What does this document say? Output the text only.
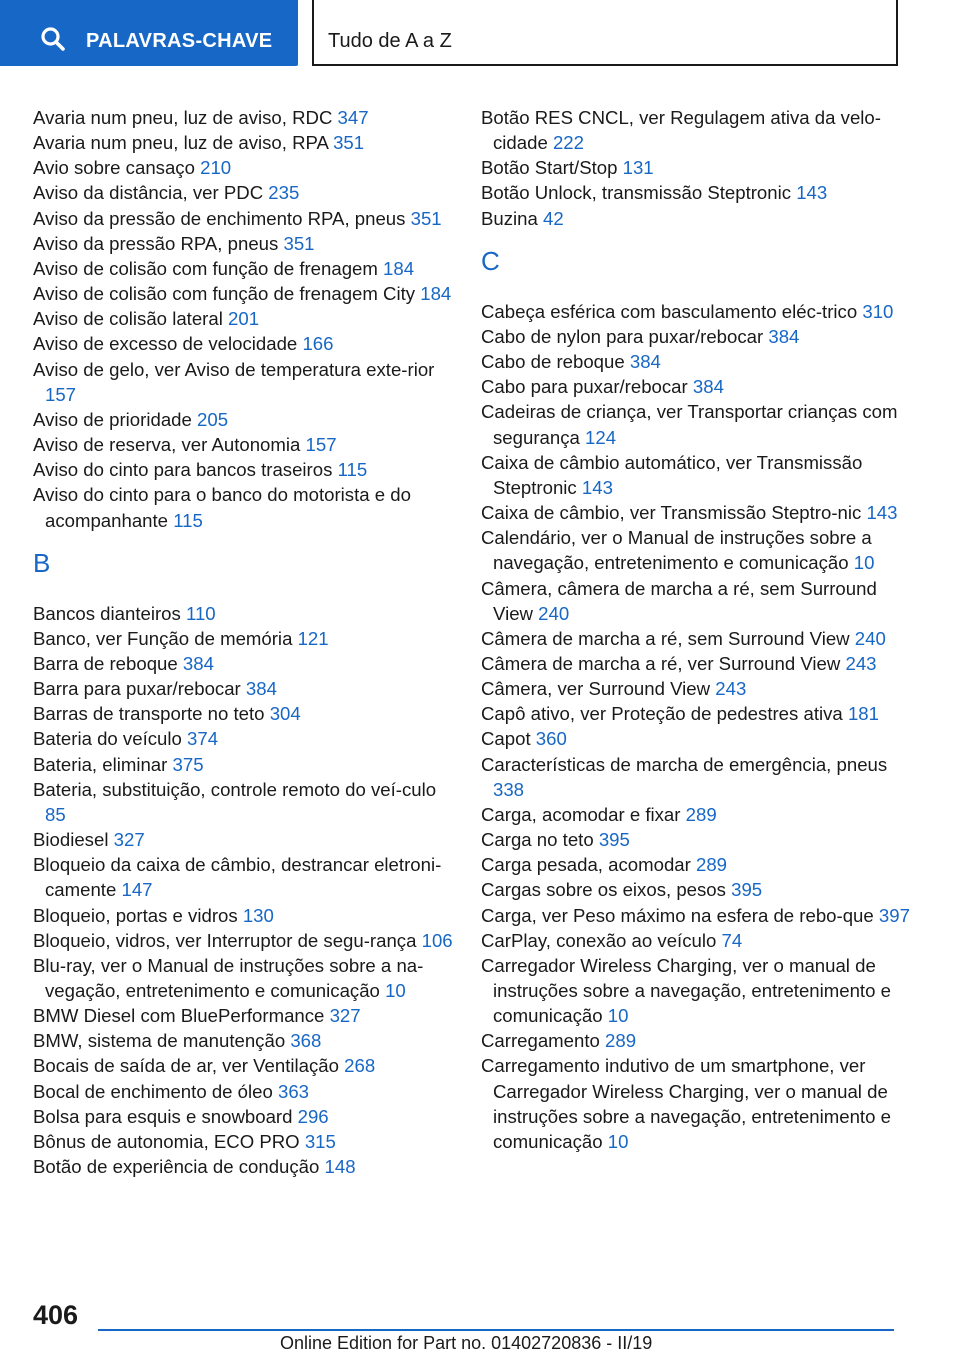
PALAVRAS-CHAVE	Tudo de A a Z
Avaria num pneu, luz de aviso, RDC 347
Avaria num pneu, luz de aviso, RPA 351
Avio sobre cansaço 210
Aviso da distância, ver PDC 235
Aviso da pressão de enchimento RPA, pneus 351
Aviso da pressão RPA, pneus 351
Aviso de colisão com função de frenagem 184
Aviso de colisão com função de frenagem City 184
Aviso de colisão lateral 201
Aviso de excesso de velocidade 166
Aviso de gelo, ver Aviso de temperatura exte‐rior 157
Aviso de prioridade 205
Aviso de reserva, ver Autonomia 157
Aviso do cinto para bancos traseiros 115
Aviso do cinto para o banco do motorista e do acompanhante 115
B
Bancos dianteiros 110
Banco, ver Função de memória 121
Barra de reboque 384
Barra para puxar/rebocar 384
Barras de transporte no teto 304
Bateria do veículo 374
Bateria, eliminar 375
Bateria, substituição, controle remoto do veí‐culo 85
Biodiesel 327
Bloqueio da caixa de câmbio, destrancar eletroni‐camente 147
Bloqueio, portas e vidros 130
Bloqueio, vidros, ver Interruptor de segu‐rança 106
Blu-ray, ver o Manual de instruções sobre a na‐vegação, entretenimento e comunicação 10
BMW Diesel com BluePerformance 327
BMW, sistema de manutenção 368
Bocais de saída de ar, ver Ventilação 268
Bocal de enchimento de óleo 363
Bolsa para esquis e snowboard 296
Bônus de autonomia, ECO PRO 315
Botão de experiência de condução 148
Botão RES CNCL, ver Regulagem ativa da velo‐cidade 222
Botão Start/Stop 131
Botão Unlock, transmissão Steptronic 143
Buzina 42
C
Cabeça esférica com basculamento eléc‐trico 310
Cabo de nylon para puxar/rebocar 384
Cabo de reboque 384
Cabo para puxar/rebocar 384
Cadeiras de criança, ver Transportar crianças com segurança 124
Caixa de câmbio automático, ver Transmissão Steptronic 143
Caixa de câmbio, ver Transmissão Steptro‐nic 143
Calendário, ver o Manual de instruções sobre a navegação, entretenimento e comunicação 10
Câmera, câmera de marcha a ré, sem Surround View 240
Câmera de marcha a ré, sem Surround View 240
Câmera de marcha a ré, ver Surround View 243
Câmera, ver Surround View 243
Capô ativo, ver Proteção de pedestres ativa 181
Capot 360
Características de marcha de emergência, pneus 338
Carga, acomodar e fixar 289
Carga no teto 395
Carga pesada, acomodar 289
Cargas sobre os eixos, pesos 395
Carga, ver Peso máximo na esfera de rebo‐que 397
CarPlay, conexão ao veículo 74
Carregador Wireless Charging, ver o manual de instruções sobre a navegação, entretenimento e comunicação 10
Carregamento 289
Carregamento indutivo de um smartphone, ver Carregador Wireless Charging, ver o manual de instruções sobre a navegação, entretenimento e comunicação 10
406
Online Edition for Part no. 01402720836 - II/19
